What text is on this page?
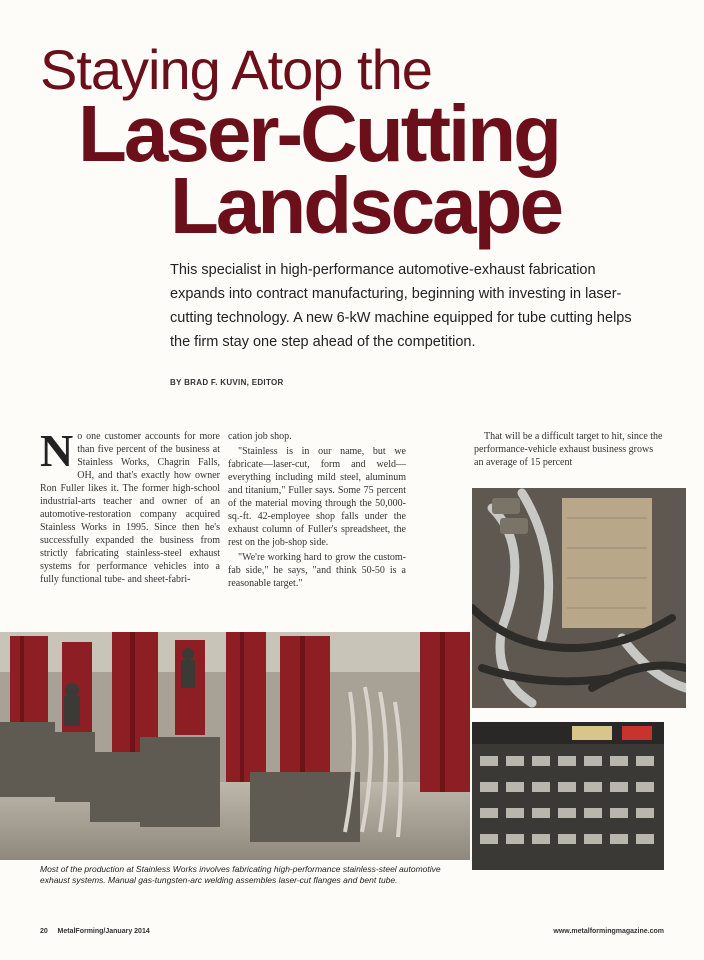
Staying Atop the
Laser-Cutting
Landscape
This specialist in high-performance automotive-exhaust fabrication expands into contract manufacturing, beginning with investing in laser-cutting technology. A new 6-kW machine equipped for tube cutting helps the firm stay one step ahead of the competition.
BY BRAD F. KUVIN, EDITOR
N o one customer accounts for more than five percent of the business at Stainless Works, Chagrin Falls, OH, and that's exactly how owner Ron Fuller likes it. The former high-school industrial-arts teacher and owner of an automotive-restoration company acquired Stainless Works in 1995. Since then he's successfully expanded the business from strictly fabricating stainless-steel exhaust systems for performance vehicles into a fully functional tube- and sheet-fabri-

cation job shop.

"Stainless is in our name, but we fabricate—laser-cut, form and weld—everything including mild steel, aluminum and titanium," Fuller says. Some 75 percent of the material moving through the 50,000-sq.-ft. 42-employee shop falls under the exhaust column of Fuller's spreadsheet, the rest on the job-shop side.

"We're working hard to grow the custom-fab side," he says, "and think 50-50 is a reasonable target."

That will be a difficult target to hit, since the performance-vehicle exhaust business grows an average of 15 percent

Most of the production at Stainless Works involves fabricating high-performance stainless-steel automotive exhaust systems. Manual gas-tungsten-arc welding assembles laser-cut flanges and bent tube.
20 MetalForming/January 2014	www.metalformingmagazine.com
